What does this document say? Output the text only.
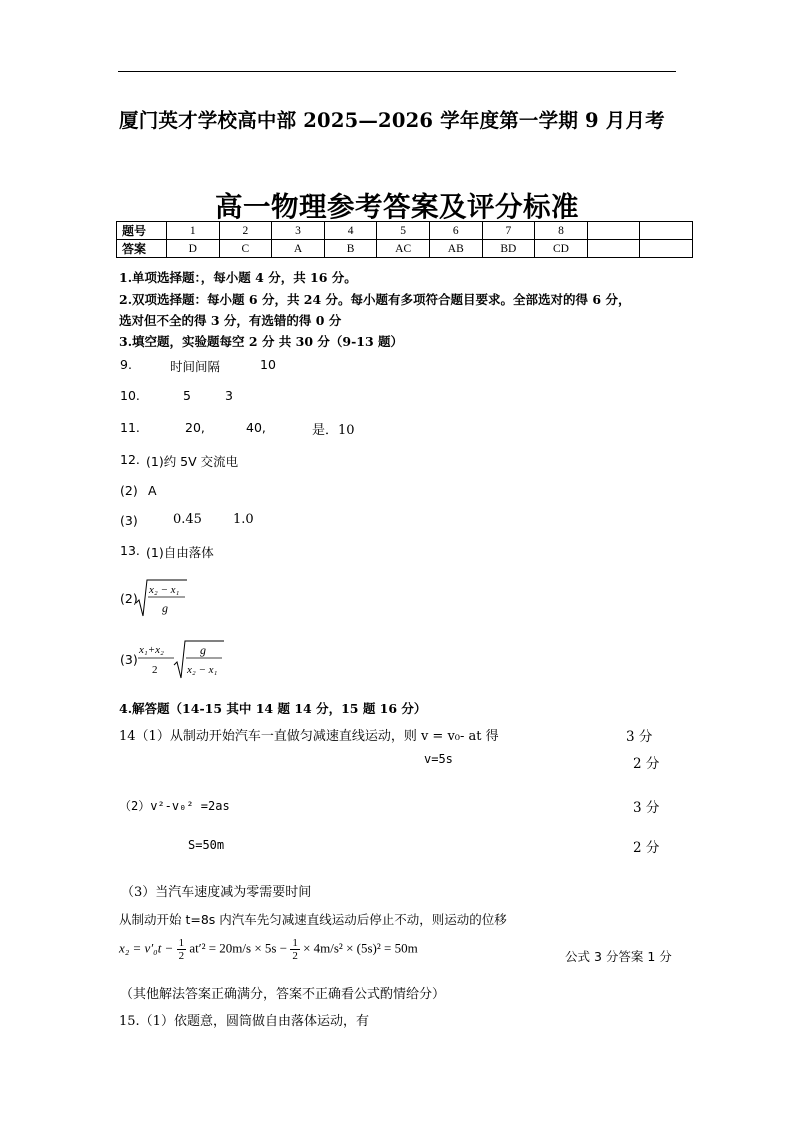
厦门英才学校高中部 2025—2026 学年度第一学期 9 月月考
高一物理参考答案及评分标准
题号	1	2	3	4	5	6	7	8		
答案	D	C	A	B	AC	AB	BD	CD		
1.单项选择题：，每小题 4 分，共 16 分。
2.双项选择题：每小题 6 分，共 24 分。每小题有多项符合题目要求。全部选对的得 6 分，
选对但不全的得 3 分，有选错的得 0 分
3.填空题，实验题每空 2 分 共 30 分（9-13 题）
9.	时间间隔	10
10.	5	3
11.	20,	40,	是．10
12. (1)约 5V 交流电
(2) A
(3)	0.45 1.0
13. (1)自由落体
(2)
x₂ − x₁
g
(3)
x₁+x₂
2
g
x₂ − x₁
4.解答题（14-15 其中 14 题 14 分，15 题 16 分）
14（1）从制动开始汽车一直做匀减速直线运动，则 v = v₀- at 得	3 分
v=5s	2 分
（2）v²-v₀² =2as	3 分
S=50m	2 分
（3）当汽车速度减为零需要时间
从制动开始 t=8s 内汽车先匀减速直线运动后停止不动，则运动的位移
$x_2 = v'_0t - \frac{1}{2} at'^2 = 20m/s \times 5s - \frac{1}{2} \times 4m/s^2 \times (5s)^2 = 50m$
公式 3 分答案 1 分
（其他解法答案正确满分，答案不正确看公式酌情给分）
15.（1）依题意，圆筒做自由落体运动，有
